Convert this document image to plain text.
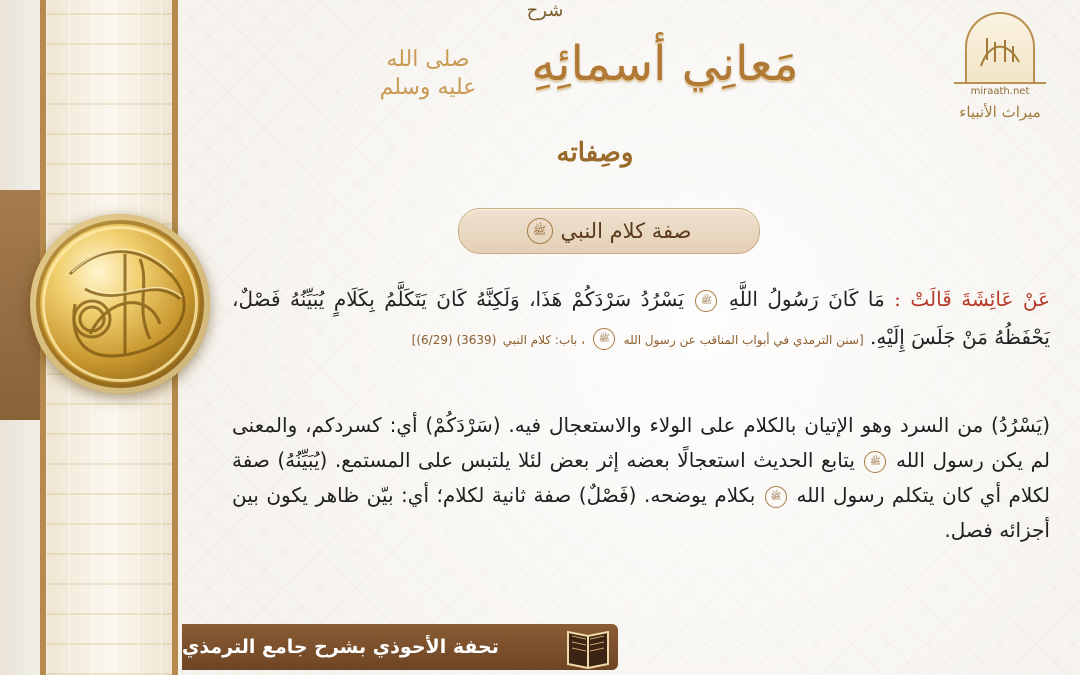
miraath.net
ميراث الأنبياء
شرح
مَعانِي أسمائِهِ
صلى الله عليه وسلم
وصِفاته
صفة كلام النبي
ﷺ
عَنْ عَائِشَةَ قَالَتْ : مَا كَانَ رَسُولُ اللَّهِ ﷺ يَسْرُدُ سَرْدَكُمْ هَذَا، وَلَكِنَّهُ كَانَ يَتَكَلَّمُ بِكَلَامٍ يُبَيِّنُهُ فَصْلٌ، يَحْفَظُهُ مَنْ جَلَسَ إِلَيْهِ. [سنن الترمذي في أبواب المناقب عن رسول الله ﷺ ، باب: كلام النبي (3639) (6/29)]
(يَسْرُدُ) من السرد وهو الإتيان بالكلام على الولاء والاستعجال فيه. (سَرْدَكُمْ) أي: كسردكم، والمعنى لم يكن رسول الله ﷺ يتابع الحديث استعجالًا بعضه إثر بعض لئلا يلتبس على المستمع. (يُبَيِّنُهُ) صفة لكلام أي كان يتكلم رسول الله ﷺ بكلام يوضحه. (فَصْلٌ) صفة ثانية لكلام؛ أي: بيّن ظاهر يكون بين أجزائه فصل.
تحفة الأحوذي بشرح جامع الترمذي
